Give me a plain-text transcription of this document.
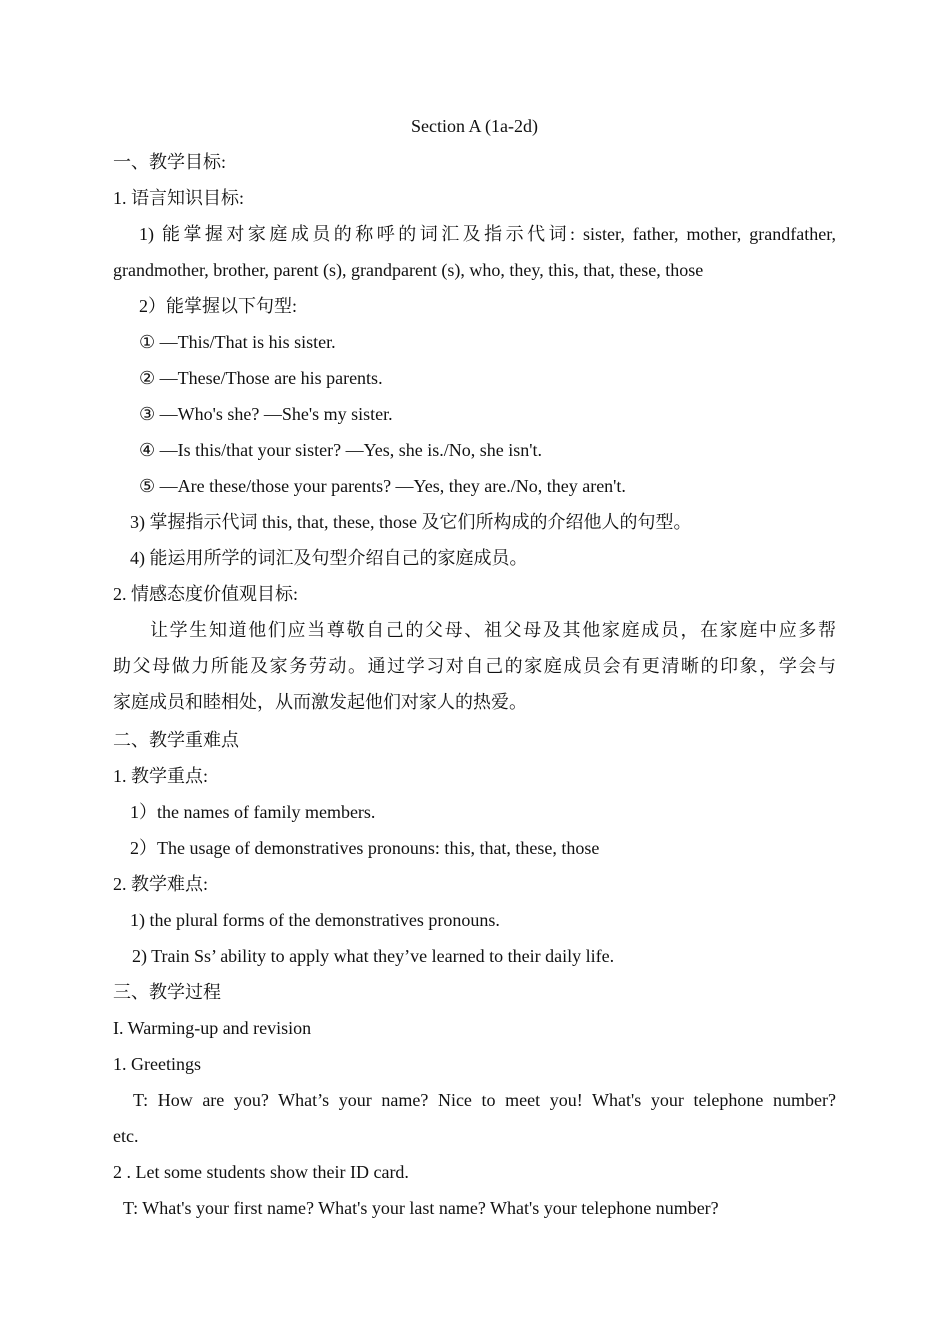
Section A (1a-2d)
一、教学目标:
1. 语言知识目标:
1) 能掌握对家庭成员的称呼的词汇及指示代词: sister, father, mother, grandfather,
grandmother, brother, parent (s), grandparent (s), who, they, this, that, these, those
2）能掌握以下句型:
① —This/That is his sister.
② —These/Those are his parents.
③ —Who's she? —She's my sister.
④ —Is this/that your sister? —Yes, she is./No, she isn't.
⑤ —Are these/those your parents? —Yes, they are./No, they aren't.
3) 掌握指示代词 this, that, these, those 及它们所构成的介绍他人的句型。
4) 能运用所学的词汇及句型介绍自己的家庭成员。
2. 情感态度价值观目标:
让学生知道他们应当尊敬自己的父母、祖父母及其他家庭成员，在家庭中应多帮
助父母做力所能及家务劳动。通过学习对自己的家庭成员会有更清晰的印象，学会与
家庭成员和睦相处，从而激发起他们对家人的热爱。
二、教学重难点
1. 教学重点:
1）the names of family members.
2）The usage of demonstratives pronouns: this, that, these, those
2. 教学难点:
1) the plural forms of the demonstratives pronouns.
2) Train Ss’ ability to apply what they’ve learned to their daily life.
三、教学过程
I. Warming-up and revision
1. Greetings
T: How are you? What’s your name? Nice to meet you! What's your telephone number?
etc.
2 . Let some students show their ID card.
T: What's your first name? What's your last name? What's your telephone number?
